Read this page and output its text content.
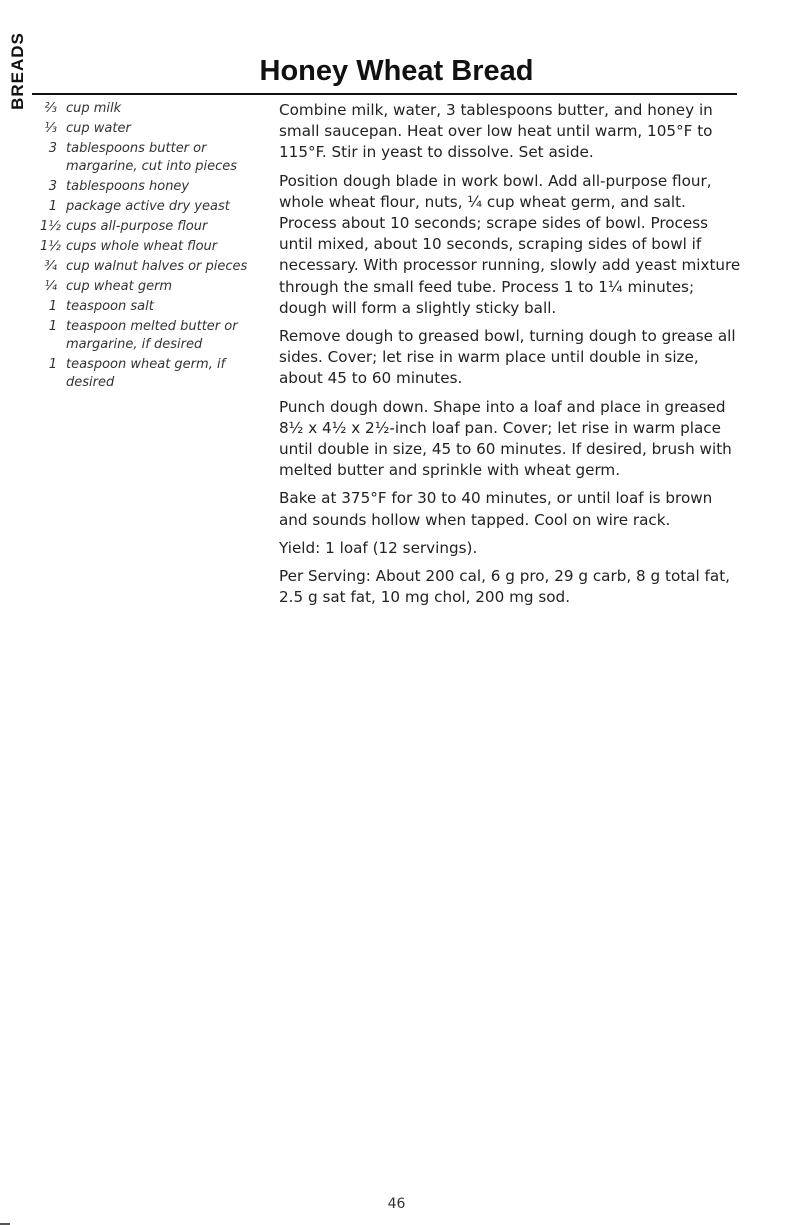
BREADS	Honey Wheat Bread
⅔ cup milk
⅓ cup water
3 tablespoons butter or margarine, cut into pieces
3 tablespoons honey
1 package active dry yeast
1½ cups all-purpose flour
1½ cups whole wheat flour
¾ cup walnut halves or pieces
¼ cup wheat germ
1 teaspoon salt
1 teaspoon melted butter or margarine, if desired
1 teaspoon wheat germ, if desired

Combine milk, water, 3 tablespoons butter, and honey in small saucepan. Heat over low heat until warm, 105°F to 115°F. Stir in yeast to dissolve. Set aside.

Position dough blade in work bowl. Add all-purpose flour, whole wheat flour, nuts, ¼ cup wheat germ, and salt. Process about 10 seconds; scrape sides of bowl. Process until mixed, about 10 seconds, scraping sides of bowl if necessary. With processor running, slowly add yeast mixture through the small feed tube. Process 1 to 1¼ minutes; dough will form a slightly sticky ball.

Remove dough to greased bowl, turning dough to grease all sides. Cover; let rise in warm place until double in size, about 45 to 60 minutes.

Punch dough down. Shape into a loaf and place in greased 8½ x 4½ x 2½-inch loaf pan. Cover; let rise in warm place until double in size, 45 to 60 minutes. If desired, brush with melted butter and sprinkle with wheat germ.

Bake at 375°F for 30 to 40 minutes, or until loaf is brown and sounds hollow when tapped. Cool on wire rack.

Yield: 1 loaf (12 servings).

Per Serving: About 200 cal, 6 g pro, 29 g carb, 8 g total fat, 2.5 g sat fat, 10 mg chol, 200 mg sod.

46
